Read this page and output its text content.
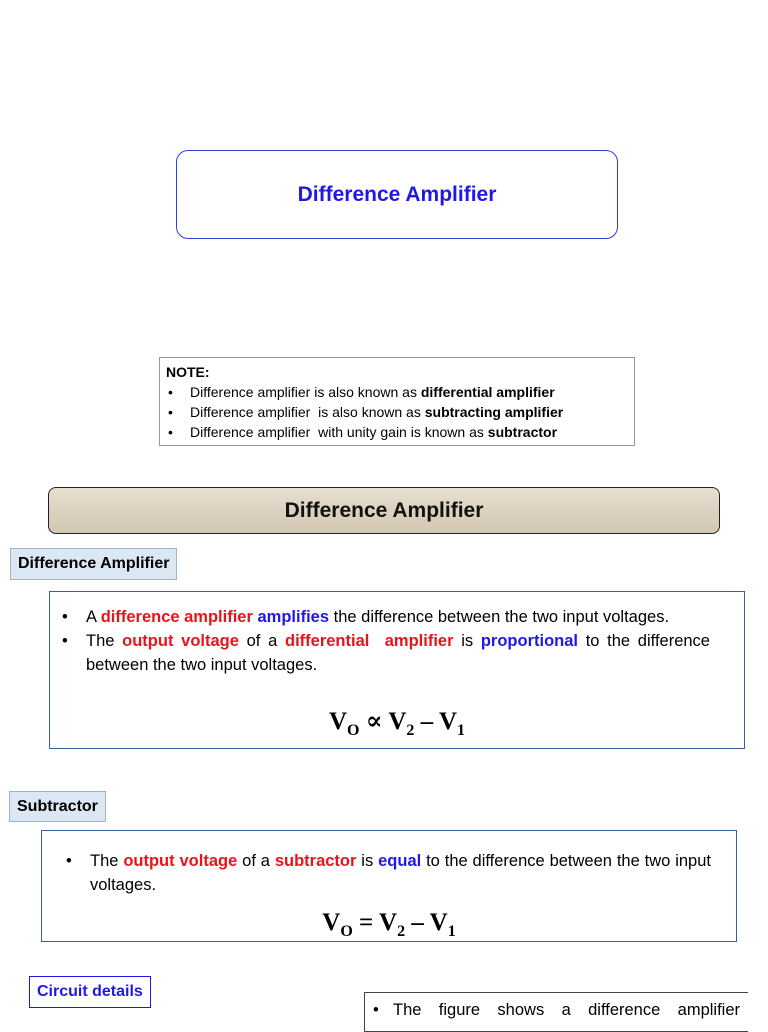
Difference Amplifier
NOTE:
•	Difference amplifier is also known as differential amplifier
•	Difference amplifier  is also known as subtracting amplifier
•	Difference amplifier  with unity gain is known as subtractor
Difference Amplifier
Difference Amplifier
•	A difference amplifier amplifies the difference between the two input voltages.
•	The output voltage of a differential  amplifier is proportional to the difference between the two input voltages.
$V_O \propto V_2 - V_1$
Subtractor
•	The output voltage of a subtractor is equal to the difference between the two input voltages.
$V_O = V_2 - V_1$
Circuit details
• The figure shows a difference amplifier
